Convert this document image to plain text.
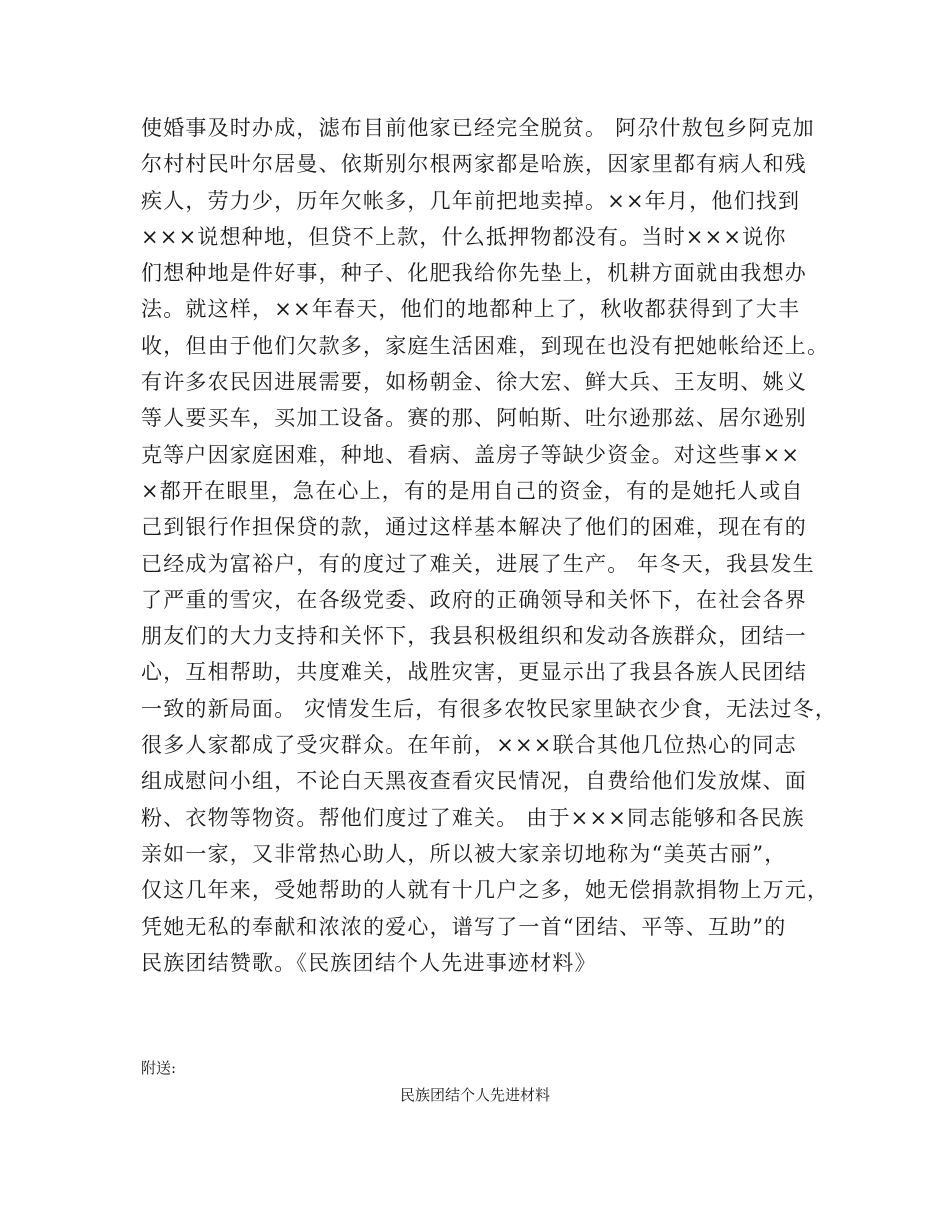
使婚事及时办成，滤布目前他家已经完全脱贫。 阿尕什敖包乡阿克加
尔村村民叶尔居曼、依斯别尔根两家都是哈族，因家里都有病人和残
疾人，劳力少，历年欠帐多，几年前把地卖掉。××年月，他们找到
×××说想种地，但贷不上款，什么抵押物都没有。当时×××说你
们想种地是件好事，种子、化肥我给你先垫上，机耕方面就由我想办
法。就这样，××年春天，他们的地都种上了，秋收都获得到了大丰
收，但由于他们欠款多，家庭生活困难，到现在也没有把她帐给还上。
有许多农民因进展需要，如杨朝金、徐大宏、鲜大兵、王友明、姚义
等人要买车，买加工设备。赛的那、阿帕斯、吐尔逊那兹、居尔逊别
克等户因家庭困难，种地、看病、盖房子等缺少资金。对这些事××
×都开在眼里，急在心上，有的是用自己的资金，有的是她托人或自
己到银行作担保贷的款，通过这样基本解决了他们的困难，现在有的
已经成为富裕户，有的度过了难关，进展了生产。 年冬天，我县发生
了严重的雪灾，在各级党委、政府的正确领导和关怀下，在社会各界
朋友们的大力支持和关怀下，我县积极组织和发动各族群众，团结一
心，互相帮助，共度难关，战胜灾害，更显示出了我县各族人民团结
一致的新局面。 灾情发生后，有很多农牧民家里缺衣少食，无法过冬，
很多人家都成了受灾群众。在年前，×××联合其他几位热心的同志
组成慰问小组，不论白天黑夜查看灾民情况，自费给他们发放煤、面
粉、衣物等物资。帮他们度过了难关。 由于×××同志能够和各民族
亲如一家，又非常热心助人，所以被大家亲切地称为“美英古丽”，
仅这几年来，受她帮助的人就有十几户之多，她无偿捐款捐物上万元，
凭她无私的奉献和浓浓的爱心，谱写了一首“团结、平等、互助”的
民族团结赞歌。《民族团结个人先进事迹材料》
附送:
民族团结个人先进材料
